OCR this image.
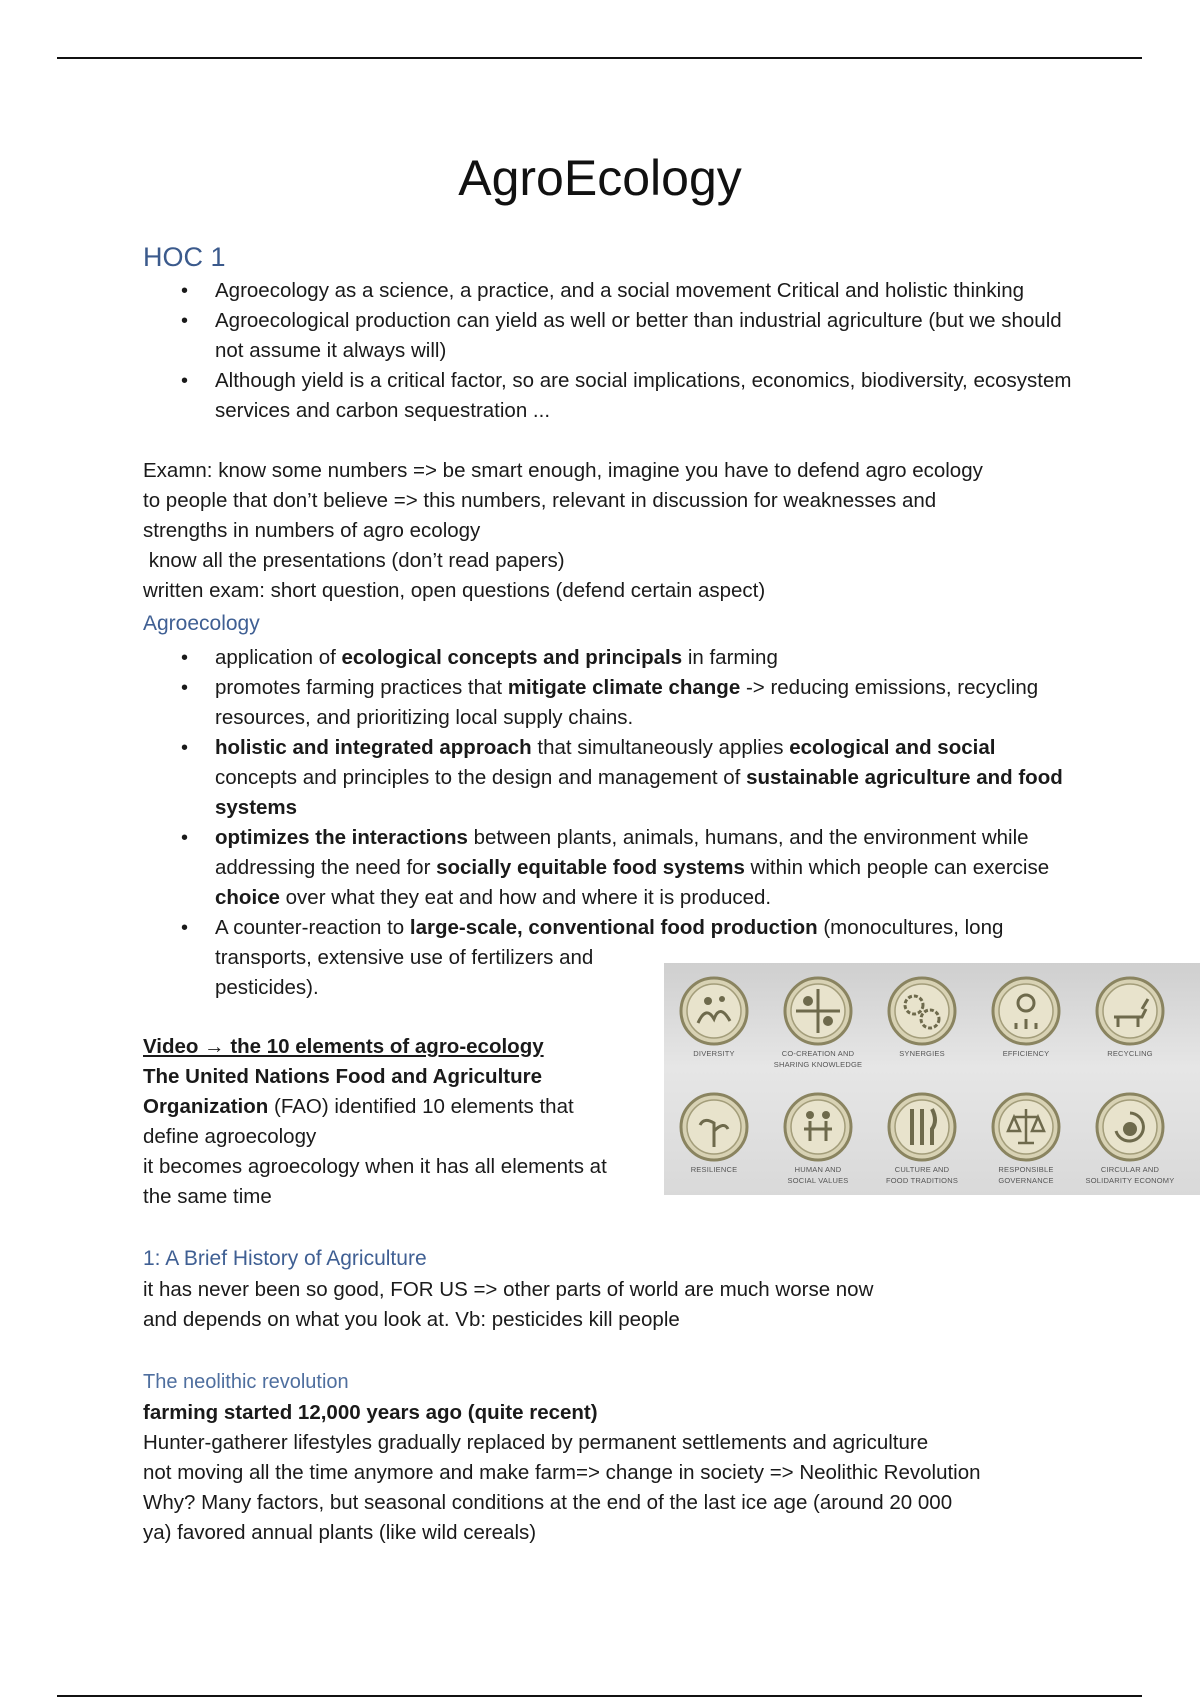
AgroEcology
HOC 1
• Agroecology as a science, a practice, and a social movement Critical and holistic thinking
• Agroecological production can yield as well or better than industrial agriculture (but we should not assume it always will)
• Although yield is a critical factor, so are social implications, economics, biodiversity, ecosystem services and carbon sequestration ...
Examn: know some numbers => be smart enough, imagine you have to defend agro ecology
to people that don’t believe => this numbers, relevant in discussion for weaknesses and
strengths in numbers of agro ecology
know all the presentations (don’t read papers)
written exam: short question, open questions (defend certain aspect)
Agroecology
• application of ecological concepts and principals in farming
• promotes farming practices that mitigate climate change -> reducing emissions, recycling resources, and prioritizing local supply chains.
• holistic and integrated approach that simultaneously applies ecological and social concepts and principles to the design and management of sustainable agriculture and food systems
• optimizes the interactions between plants, animals, humans, and the environment while addressing the need for socially equitable food systems within which people can exercise choice over what they eat and how and where it is produced.
• A counter-reaction to large-scale, conventional food production (monocultures, long
transports, extensive use of fertilizers and
pesticides).
Video → the 10 elements of agro-ecology
The United Nations Food and Agriculture
Organization (FAO) identified 10 elements that
define agroecology
it becomes agroecology when it has all elements at
the same time
DIVERSITY	CO-CREATION AND
SHARING KNOWLEDGE
SYNERGIES	EFFICIENCY	RECYCLING
RESILIENCE	HUMAN AND
SOCIAL VALUES
CULTURE AND
FOOD TRADITIONS
RESPONSIBLE
GOVERNANCE
CIRCULAR AND
SOLIDARITY ECONOMY
1: A Brief History of Agriculture
it has never been so good, FOR US => other parts of world are much worse now
and depends on what you look at. Vb: pesticides kill people
The neolithic revolution
farming started 12,000 years ago (quite recent)
Hunter-gatherer lifestyles gradually replaced by permanent settlements and agriculture
not moving all the time anymore and make farm=> change in society => Neolithic Revolution
Why? Many factors, but seasonal conditions at the end of the last ice age (around 20 000
ya) favored annual plants (like wild cereals)
